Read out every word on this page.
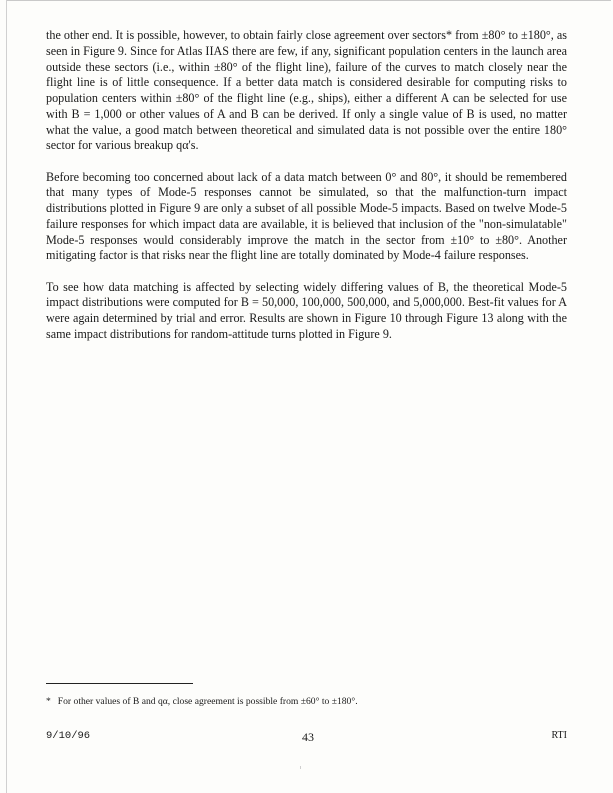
the other end. It is possible, however, to obtain fairly close agreement over sectors* from ±80° to ±180°, as seen in Figure 9. Since for Atlas IIAS there are few, if any, significant population centers in the launch area outside these sectors (i.e., within ±80° of the flight line), failure of the curves to match closely near the flight line is of little consequence. If a better data match is considered desirable for computing risks to population centers within ±80° of the flight line (e.g., ships), either a different A can be selected for use with B = 1,000 or other values of A and B can be derived. If only a single value of B is used, no matter what the value, a good match between theoretical and simulated data is not possible over the entire 180° sector for various breakup qα's.

Before becoming too concerned about lack of a data match between 0° and 80°, it should be remembered that many types of Mode-5 responses cannot be simulated, so that the malfunction-turn impact distributions plotted in Figure 9 are only a subset of all possible Mode-5 impacts. Based on twelve Mode-5 failure responses for which impact data are available, it is believed that inclusion of the "non-simulatable" Mode-5 responses would considerably improve the match in the sector from ±10° to ±80°. Another mitigating factor is that risks near the flight line are totally dominated by Mode-4 failure responses.

To see how data matching is affected by selecting widely differing values of B, the theoretical Mode-5 impact distributions were computed for B = 50,000, 100,000, 500,000, and 5,000,000. Best-fit values for A were again determined by trial and error. Results are shown in Figure 10 through Figure 13 along with the same impact distributions for random-attitude turns plotted in Figure 9.

* For other values of B and qα, close agreement is possible from ±60° to ±180°.
9/10/96	43	RTI
